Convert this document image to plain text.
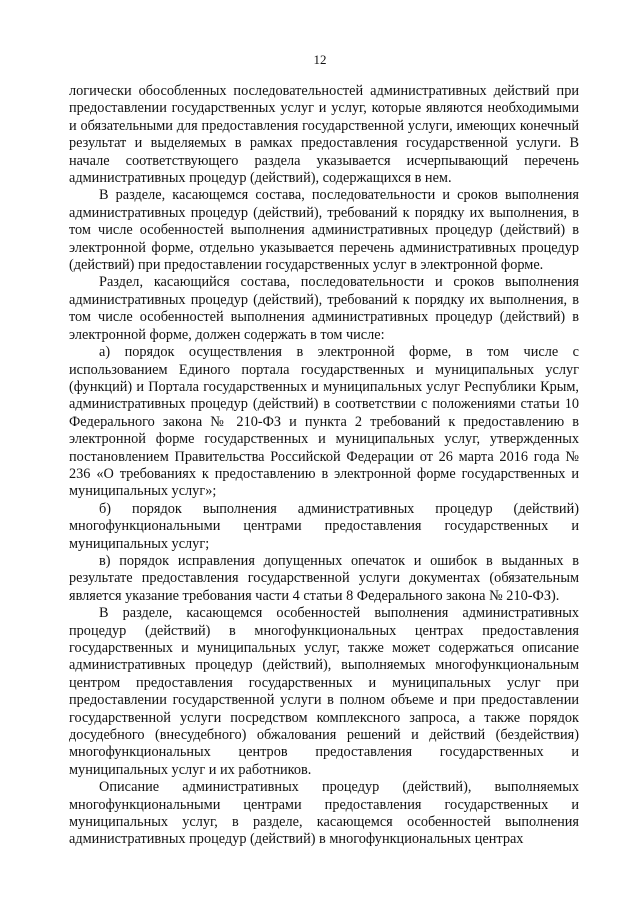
12

логически обособленных последовательностей административных действий при предоставлении государственных услуг и услуг, которые являются необходимыми и обязательными для предоставления государственной услуги, имеющих конечный результат и выделяемых в рамках предоставления государственной услуги. В начале соответствующего раздела указывается исчерпывающий перечень административных процедур (действий), содержащихся в нем.

В разделе, касающемся состава, последовательности и сроков выполнения административных процедур (действий), требований к порядку их выполнения, в том числе особенностей выполнения административных процедур (действий) в электронной форме, отдельно указывается перечень административных процедур (действий) при предоставлении государственных услуг в электронной форме.

Раздел, касающийся состава, последовательности и сроков выполнения административных процедур (действий), требований к порядку их выполнения, в том числе особенностей выполнения административных процедур (действий) в электронной форме, должен содержать в том числе:

а) порядок осуществления в электронной форме, в том числе с использованием Единого портала государственных и муниципальных услуг (функций) и Портала государственных и муниципальных услуг Республики Крым, административных процедур (действий) в соответствии с положениями статьи 10 Федерального закона № 210-ФЗ и пункта 2 требований к предоставлению в электронной форме государственных и муниципальных услуг, утвержденных постановлением Правительства Российской Федерации от 26 марта 2016 года № 236 «О требованиях к предоставлению в электронной форме государственных и муниципальных услуг»;

б) порядок выполнения административных процедур (действий) многофункциональными центрами предоставления государственных и муниципальных услуг;

в) порядок исправления допущенных опечаток и ошибок в выданных в результате предоставления государственной услуги документах (обязательным является указание требования части 4 статьи 8 Федерального закона № 210-ФЗ).

В разделе, касающемся особенностей выполнения административных процедур (действий) в многофункциональных центрах предоставления государственных и муниципальных услуг, также может содержаться описание административных процедур (действий), выполняемых многофункциональным центром предоставления государственных и муниципальных услуг при предоставлении государственной услуги в полном объеме и при предоставлении государственной услуги посредством комплексного запроса, а также порядок досудебного (внесудебного) обжалования решений и действий (бездействия) многофункциональных центров предоставления государственных и муниципальных услуг и их работников.

Описание административных процедур (действий), выполняемых многофункциональными центрами предоставления государственных и муниципальных услуг, в разделе, касающемся особенностей выполнения административных процедур (действий) в многофункциональных центрах
